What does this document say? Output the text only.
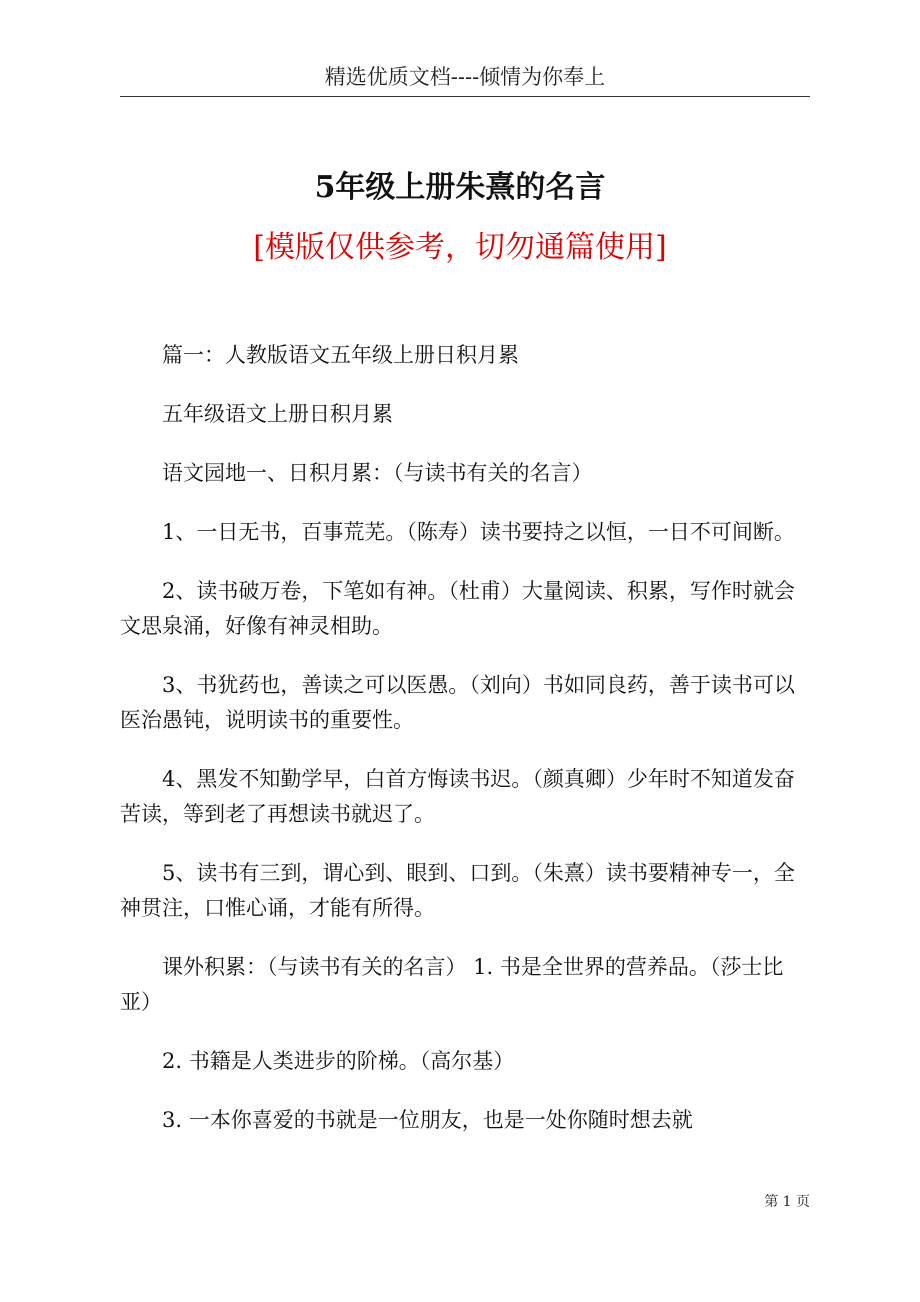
精选优质文档----倾情为你奉上
5年级上册朱熹的名言
[模版仅供参考，切勿通篇使用]

篇一：人教版语文五年级上册日积月累

五年级语文上册日积月累

语文园地一、日积月累：（与读书有关的名言）

1、一日无书，百事荒芜。（陈寿）读书要持之以恒，一日不可间断。

2、读书破万卷，下笔如有神。（杜甫）大量阅读、积累，写作时就会文思泉涌，好像有神灵相助。

3、书犹药也，善读之可以医愚。（刘向）书如同良药，善于读书可以医治愚钝，说明读书的重要性。

4、黑发不知勤学早，白首方悔读书迟。（颜真卿）少年时不知道发奋苦读，等到老了再想读书就迟了。

5、读书有三到，谓心到、眼到、口到。（朱熹）读书要精神专一，全神贯注，口惟心诵，才能有所得。

课外积累：（与读书有关的名言） 1. 书是全世界的营养品。（莎士比亚）

2. 书籍是人类进步的阶梯。（高尔基）

3. 一本你喜爱的书就是一位朋友，也是一处你随时想去就

第 1 页
